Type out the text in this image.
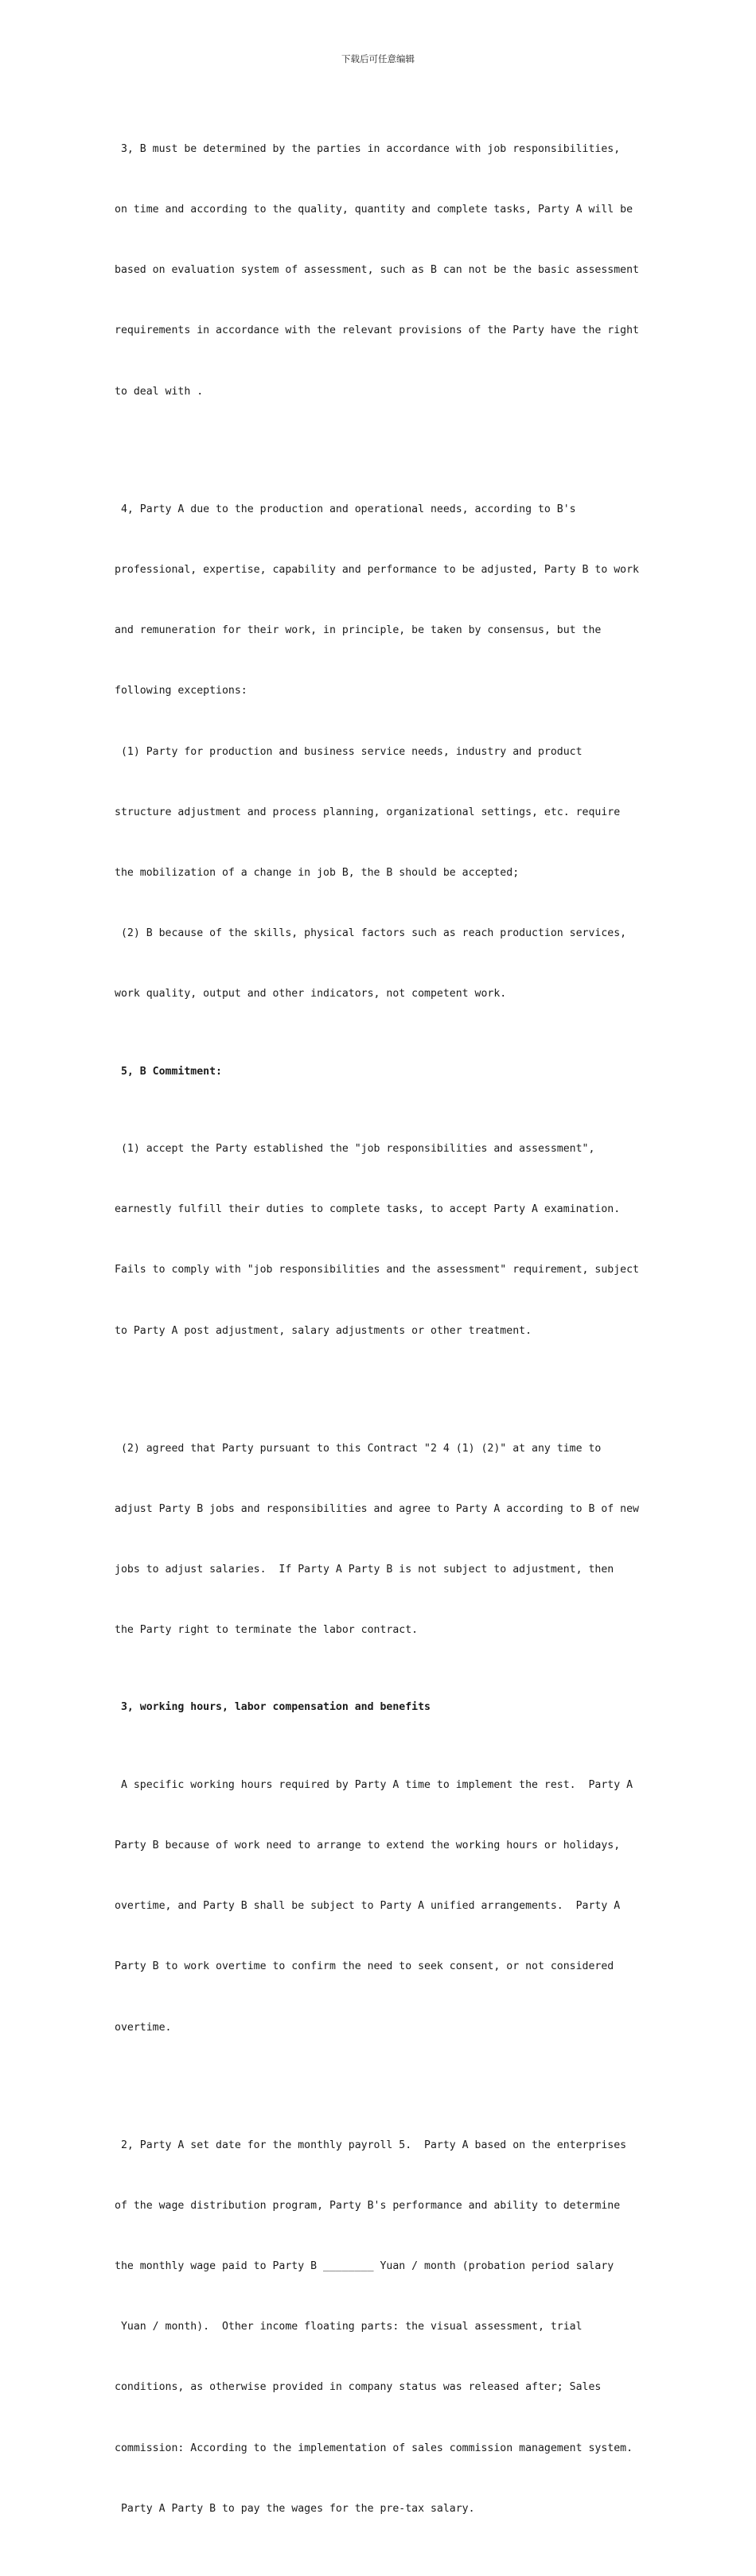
下载后可任意编辑

3, B must be determined by the parties in accordance with job responsibilities,

on time and according to the quality, quantity and complete tasks, Party A will be

based on evaluation system of assessment, such as B can not be the basic assessment

requirements in accordance with the relevant provisions of the Party have the right

to deal with .

4, Party A due to the production and operational needs, according to B's

professional, expertise, capability and performance to be adjusted, Party B to work

and remuneration for their work, in principle, be taken by consensus, but the

following exceptions:

(1) Party for production and business service needs, industry and product

structure adjustment and process planning, organizational settings, etc. require

the mobilization of a change in job B, the B should be accepted;

(2) B because of the skills, physical factors such as reach production services,

work quality, output and other indicators, not competent work.

5, B Commitment:

(1) accept the Party established the "job responsibilities and assessment",

earnestly fulfill their duties to complete tasks, to accept Party A examination.

Fails to comply with "job responsibilities and the assessment" requirement, subject

to Party A post adjustment, salary adjustments or other treatment.

(2) agreed that Party pursuant to this Contract "2 4 (1) (2)" at any time to

adjust Party B jobs and responsibilities and agree to Party A according to B of new

jobs to adjust salaries.  If Party A Party B is not subject to adjustment, then

the Party right to terminate the labor contract.

3, working hours, labor compensation and benefits

A specific working hours required by Party A time to implement the rest.  Party A

Party B because of work need to arrange to extend the working hours or holidays,

overtime, and Party B shall be subject to Party A unified arrangements.  Party A

Party B to work overtime to confirm the need to seek consent, or not considered

overtime.

2, Party A set date for the monthly payroll 5.  Party A based on the enterprises

of the wage distribution program, Party B's performance and ability to determine

the monthly wage paid to Party B ________ Yuan / month (probation period salary

Yuan / month).  Other income floating parts: the visual assessment, trial

conditions, as otherwise provided in company status was released after; Sales

commission: According to the implementation of sales commission management system.

Party A Party B to pay the wages for the pre-tax salary.
